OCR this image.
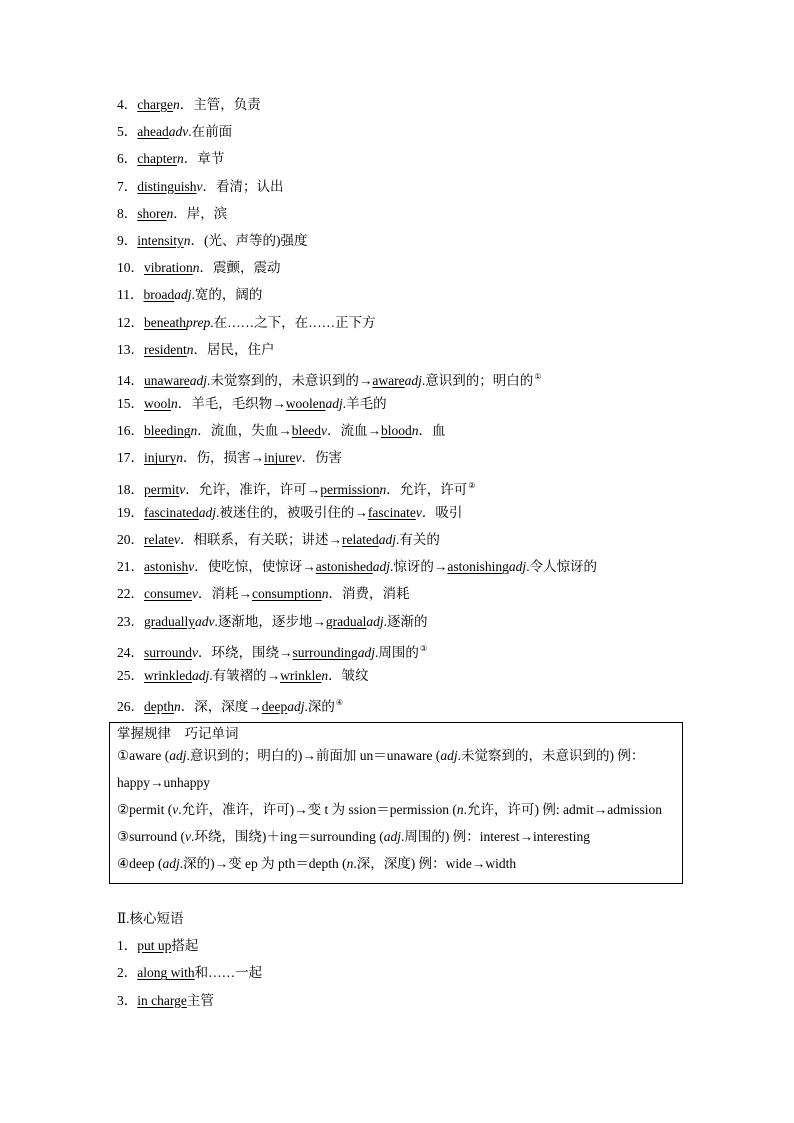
4．chargen．主管，负责
5．aheadadv.在前面
6．chaptern．章节
7．distinguishv．看清；认出
8．shoren．岸，滨
9．intensityn．(光、声等的)强度
10．vibrationn．震颤，震动
11．broadadj.宽的，阔的
12．beneathprep.在……之下，在……正下方
13．residentn．居民，住户
14．unawareadj.未觉察到的，未意识到的→awareadj.意识到的；明白的①
15．wooln．羊毛，毛织物→woolenadj.羊毛的
16．bleedingn．流血，失血→bleedv．流血→bloodn．血
17．injuryn．伤，损害→injurev．伤害
18．permitv．允许，准许，许可→permissionn．允许，许可②
19．fascinatedadj.被迷住的，被吸引住的→fascinatev．吸引
20．relatev．相联系，有关联；讲述→relatedadj.有关的
21．astonishv．使吃惊，使惊讶→astonishedadj.惊讶的→astonishingadj.令人惊讶的
22．consumev．消耗→consumptionn．消费，消耗
23．graduallyadv.逐渐地，逐步地→gradualadj.逐渐的
24．surroundv．环绕，围绕→surroundingadj.周围的③
25．wrinkledadj.有皱褶的→wrinklen．皱纹
26．depthn．深，深度→deepadj.深的④
掌握规律　巧记单词
①aware (adj.意识到的；明白的)→前面加 un＝unaware (adj.未觉察到的，未意识到的) 例：
happy→unhappy
②permit (v.允许，准许，许可)→变 t 为 ssion＝permission (n.允许，许可) 例: admit→admission
③surround (v.环绕，围绕)＋ing＝surrounding (adj.周围的) 例：interest→interesting
④deep (adj.深的)→变 ep 为 pth＝depth (n.深，深度) 例：wide→width
Ⅱ.核心短语
1．put up搭起
2．along with和……一起
3．in charge主管
